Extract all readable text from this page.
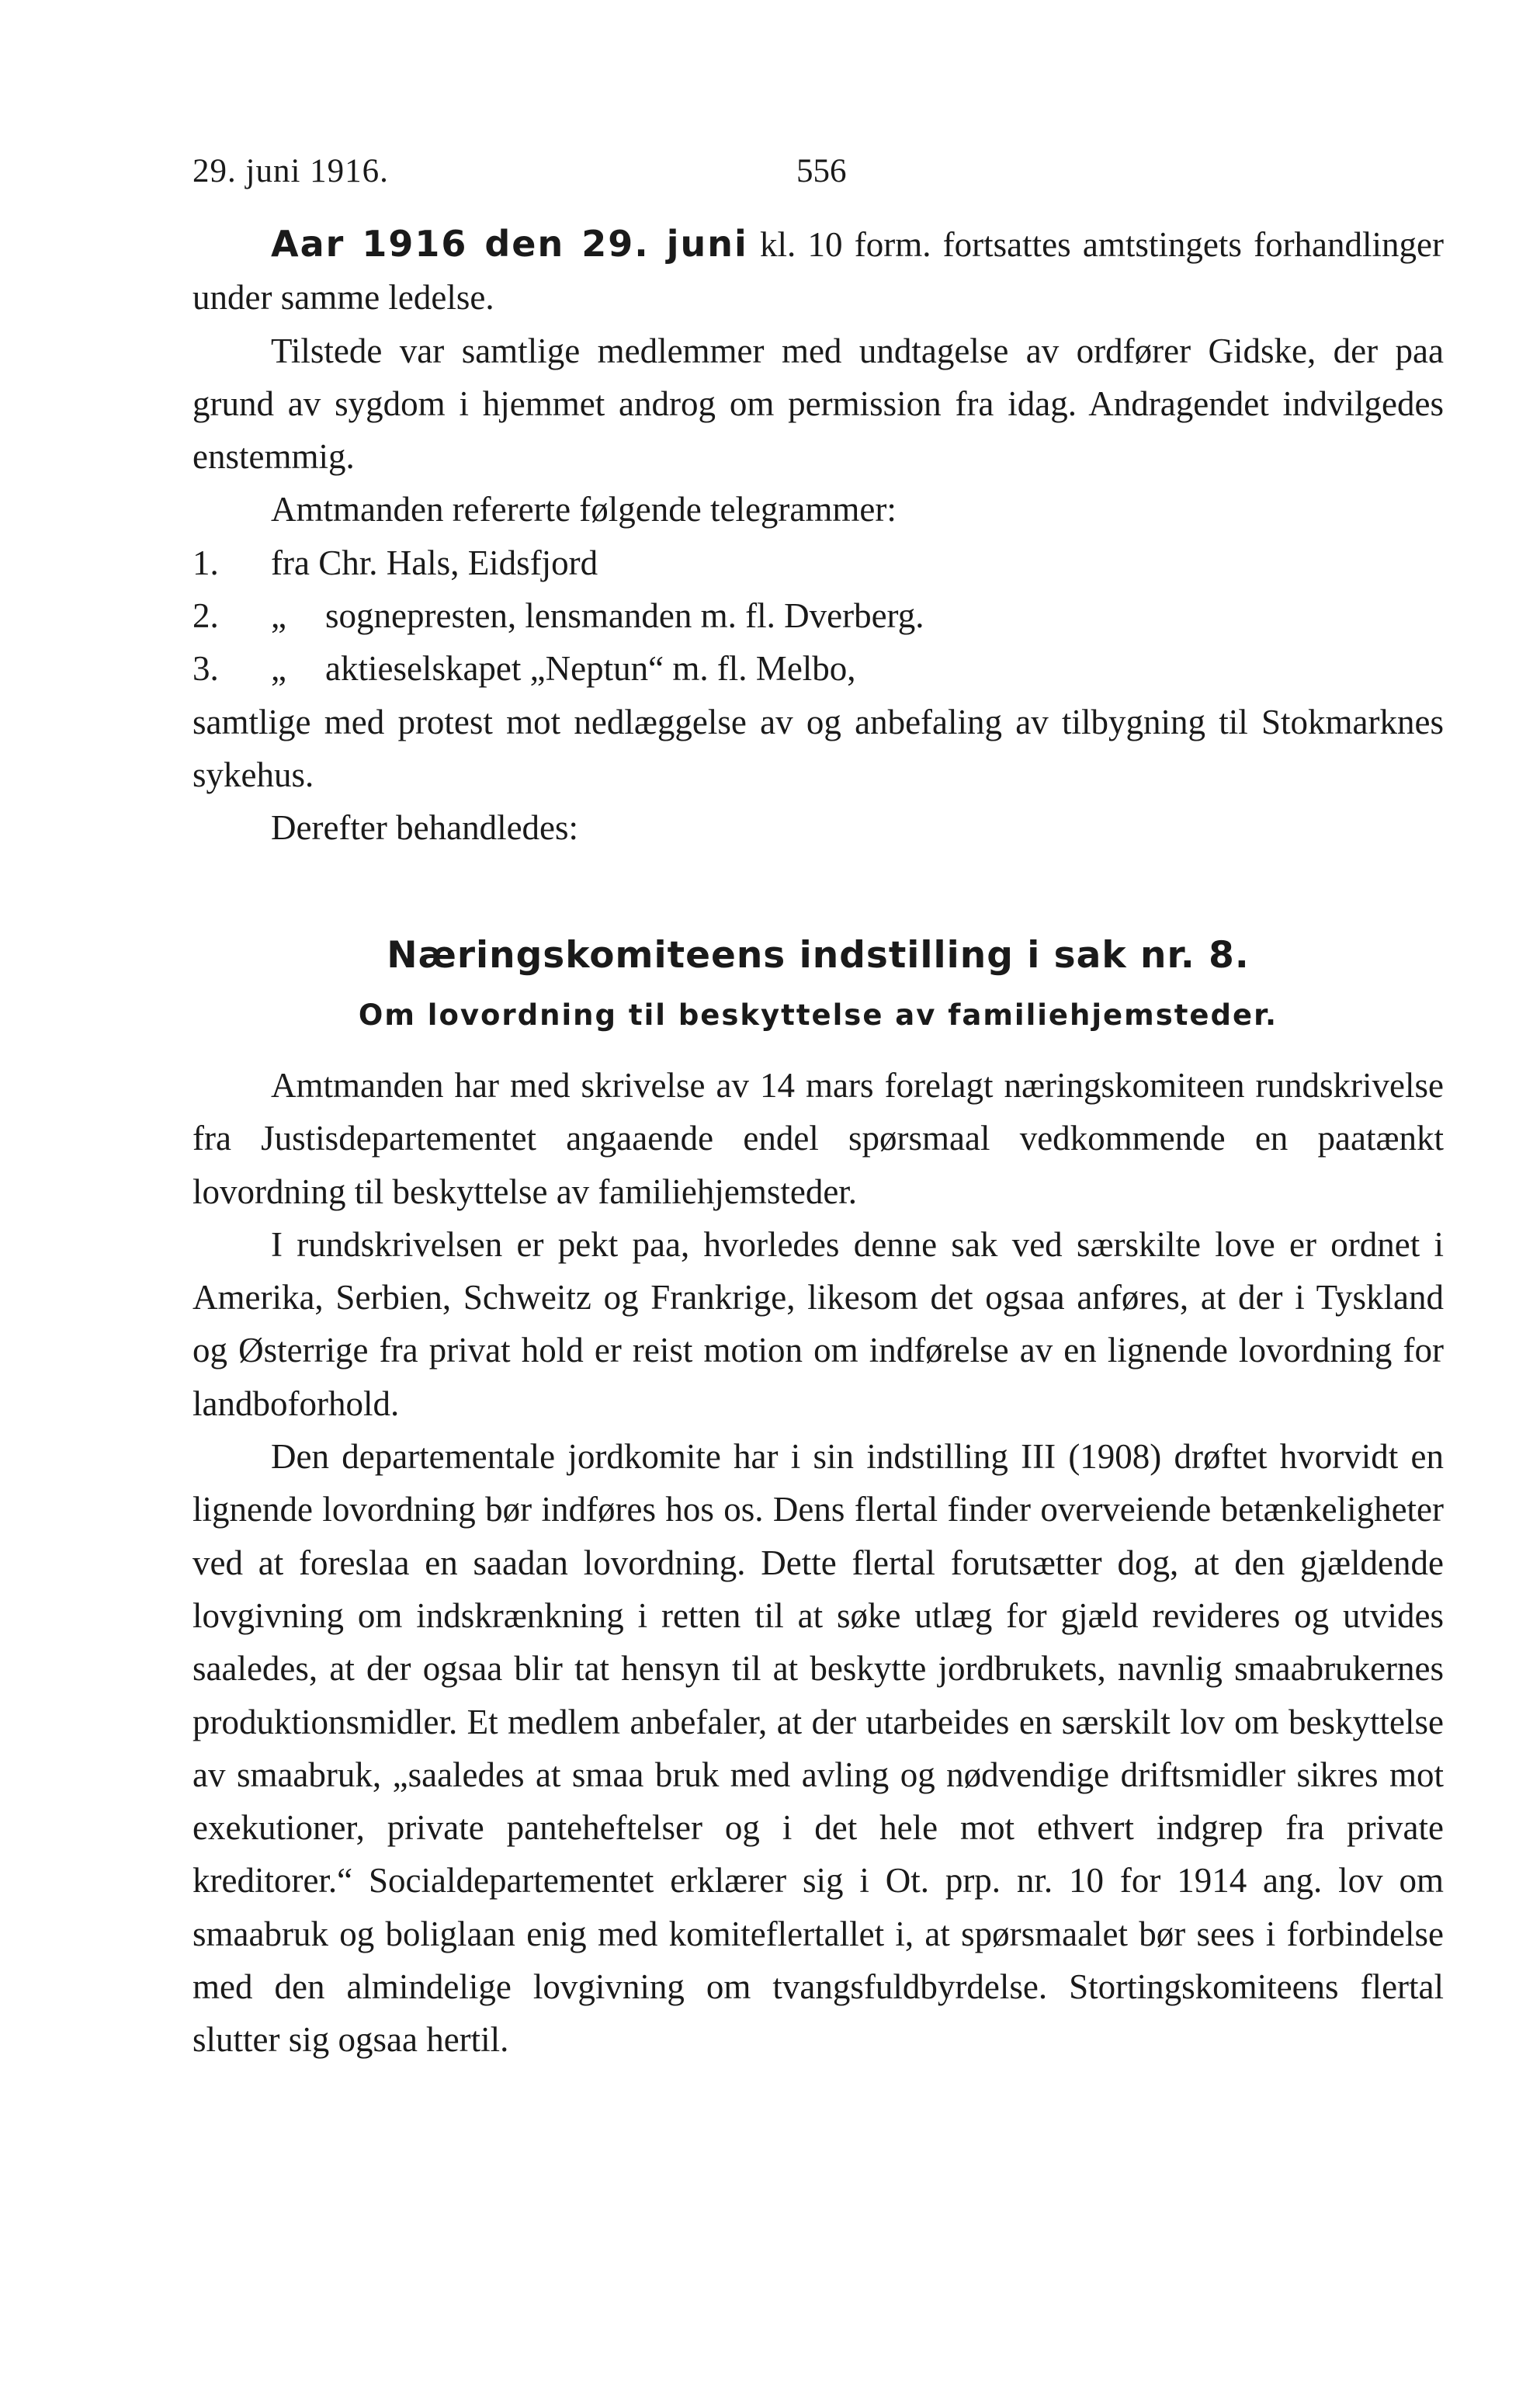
29. juni 1916.	556

Aar 1916 den 29. juni kl. 10 form. fortsattes amtstingets forhandlinger under samme ledelse.

Tilstede var samtlige medlemmer med undtagelse av ordfører Gidske, der paa grund av sygdom i hjemmet androg om permission fra idag. Andragendet indvilgedes enstemmig.

Amtmanden refererte følgende telegrammer:

1.	fra Chr. Hals, Eidsfjord
2.	„	sognepresten, lensmanden m. fl. Dverberg.
3.	„	aktieselskapet „Neptun“ m. fl. Melbo,

samtlige med protest mot nedlæggelse av og anbefaling av tilbygning til Stokmarknes sykehus.

Derefter behandledes:

Næringskomiteens indstilling i sak nr. 8.
Om lovordning til beskyttelse av familiehjemsteder.

Amtmanden har med skrivelse av 14 mars forelagt næringskomiteen rundskrivelse fra Justisdepartementet angaaende endel spørsmaal vedkommende en paatænkt lovordning til beskyttelse av familiehjemsteder.

I rundskrivelsen er pekt paa, hvorledes denne sak ved særskilte love er ordnet i Amerika, Serbien, Schweitz og Frankrige, likesom det ogsaa anføres, at der i Tyskland og Østerrige fra privat hold er reist motion om indførelse av en lignende lovordning for landboforhold.

Den departementale jordkomite har i sin indstilling III (1908) drøftet hvorvidt en lignende lovordning bør indføres hos os. Dens flertal finder overveiende betænkeligheter ved at foreslaa en saadan lovordning. Dette flertal forutsætter dog, at den gjældende lovgivning om indskrænkning i retten til at søke utlæg for gjæld revideres og utvides saaledes, at der ogsaa blir tat hensyn til at beskytte jordbrukets, navnlig smaabrukernes produktionsmidler. Et medlem anbefaler, at der utarbeides en særskilt lov om beskyttelse av smaabruk, „saaledes at smaa bruk med avling og nødvendige driftsmidler sikres mot exekutioner, private panteheftelser og i det hele mot ethvert indgrep fra private kreditorer.“ Socialdepartementet erklærer sig i Ot. prp. nr. 10 for 1914 ang. lov om smaabruk og boliglaan enig med komiteflertallet i, at spørsmaalet bør sees i forbindelse med den almindelige lovgivning om tvangsfuldbyrdelse. Stortingskomiteens flertal slutter sig ogsaa hertil.
